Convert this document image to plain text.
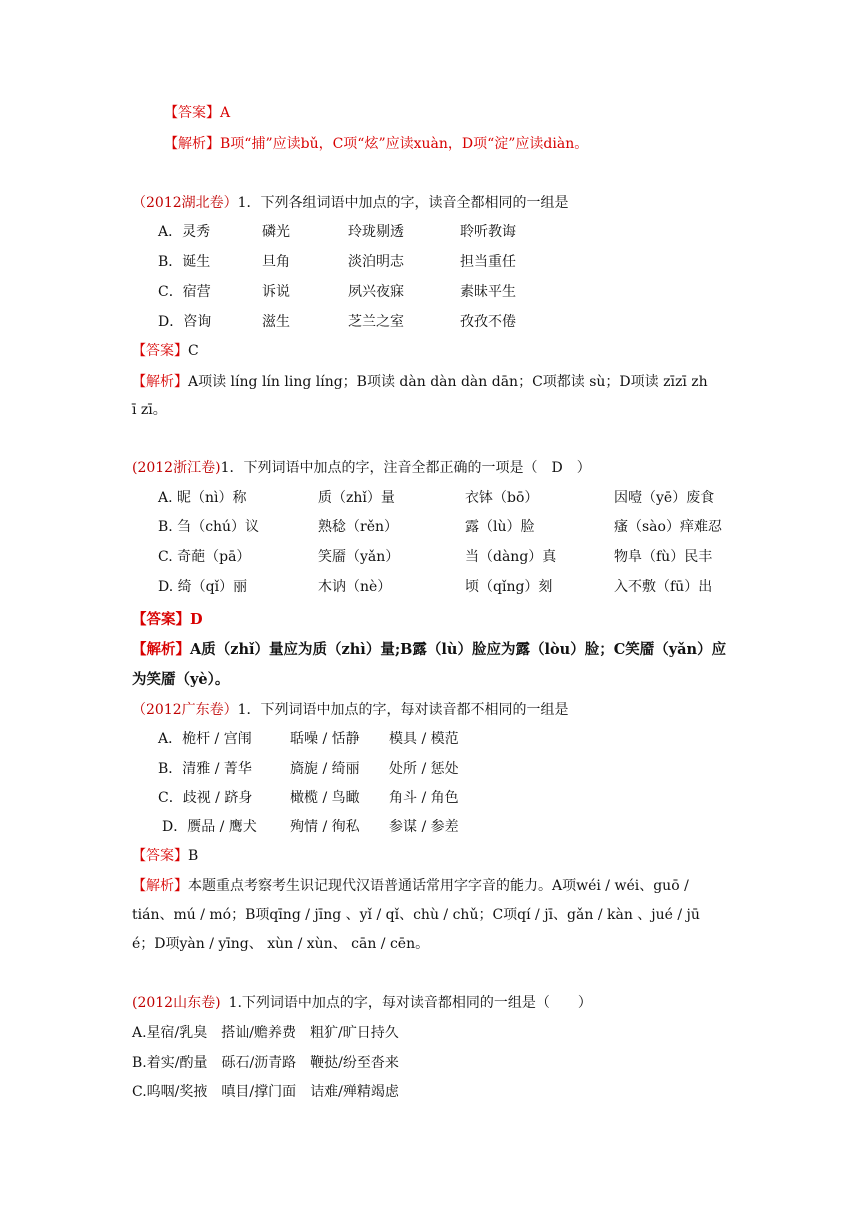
【答案】A
【解析】B项“捕”应读bǔ，C项“炫”应读xuàn，D项“淀”应读diàn。
（2012湖北卷）1．下列各组词语中加点的字，读音全都相同的一组是
A．灵秀	磷光	玲珑剔透	聆听教诲
B．诞生	旦角	淡泊明志	担当重任
C．宿营	诉说	夙兴夜寐	素昧平生
D．咨询	滋生	芝兰之室	孜孜不倦
【答案】C
【解析】A项读 líng lín ling líng；B项读 dàn dàn dàn dān；C项都读 sù；D项读 zīzī zh
ī zī。
(2012浙江卷)1．下列词语中加点的字，注音全都正确的一项是（　D　）
A. 昵（nì）称	质（zhǐ）量	衣钵（bō）	因噎（yē）废食
B. 刍（chú）议	熟稔（rěn）	露（lù）脸	瘙（sào）痒难忍
C. 奇葩（pā）	笑靥（yǎn）	当（dàng）真	物阜（fù）民丰
D. 绮（qǐ）丽	木讷（nè）	顷（qǐng）刻	入不敷（fū）出
【答案】D
【解析】A质（zhǐ）量应为质（zhì）量;B露（lù）脸应为露（lòu）脸；C笑靥（yǎn）应
为笑靥（yè）。
（2012广东卷）1．下列词语中加点的字，每对读音都不相同的一组是
A．桅杆 / 宫闱	聒噪 / 恬静 模具 / 模范
B．清雅 / 菁华	旖旎 / 绮丽 处所 / 惩处
C．歧视 / 跻身	橄榄 / 鸟瞰 角斗 / 角色
D．赝品 / 鹰犬 殉情 / 徇私 参谋 / 参差
【答案】B
【解析】本题重点考察考生识记现代汉语普通话常用字字音的能力。A项wéi / wéi、guō /
tián、mú / mó；B项qīng / jīng 、yǐ / qǐ、chù / chǔ；C项qí / jī、gǎn / kàn 、jué / jū
é；D项yàn / yīng、 xùn / xùn、 cān / cēn。
(2012山东卷) 1.下列词语中加点的字，每对读音都相同的一组是（　　）
A.星宿/乳臭　搭讪/赡养费　粗犷/旷日持久
B.着实/酌量　砾石/沥青路　鞭挞/纷至沓来
C.呜咽/奖掖　嗔目/撑门面　诘难/殚精竭虑
